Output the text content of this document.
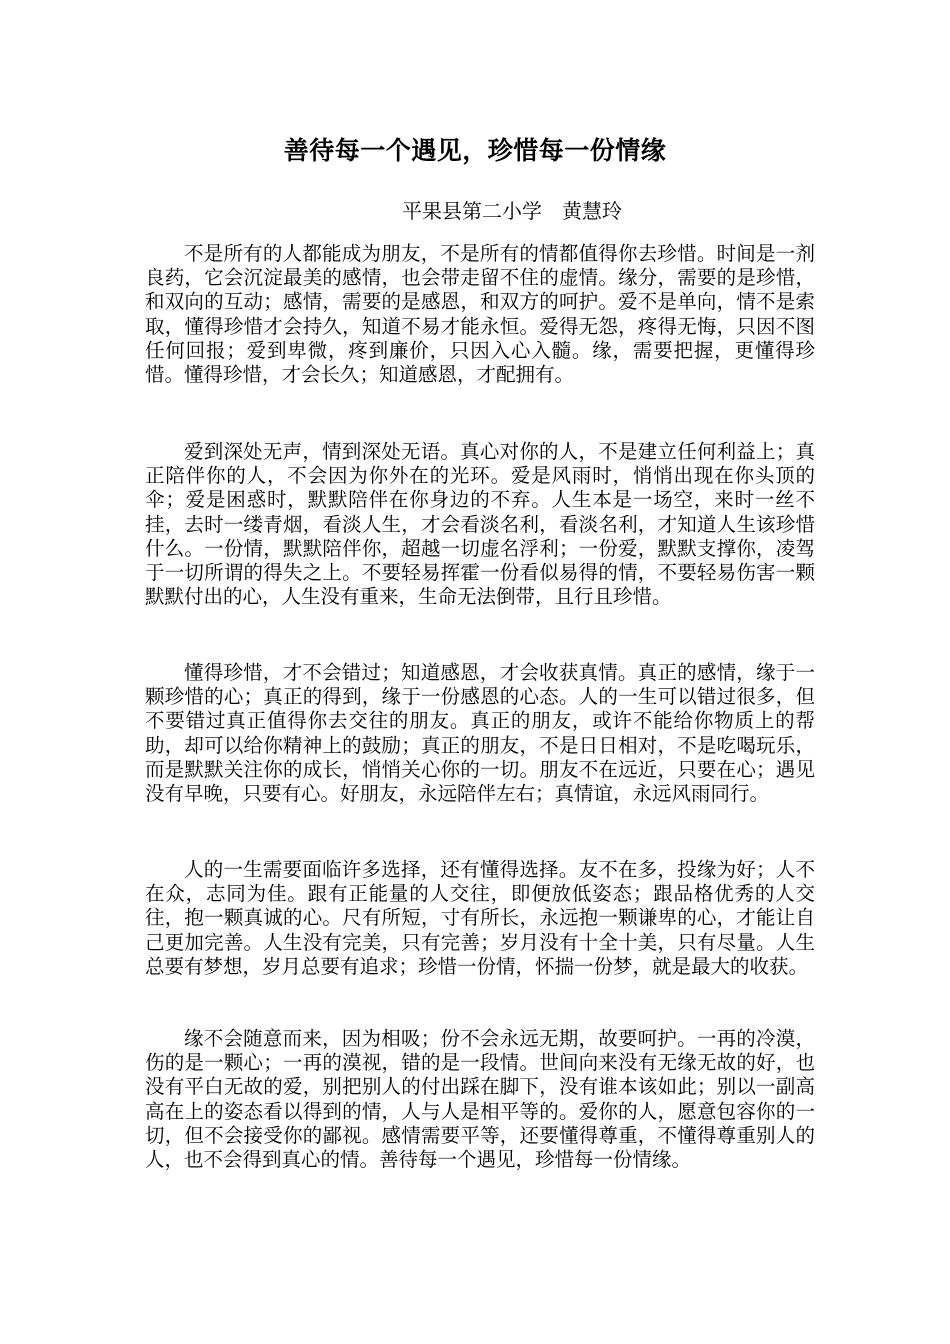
善待每一个遇见，珍惜每一份情缘
平果县第二小学　黄慧玲

不是所有的人都能成为朋友，不是所有的情都值得你去珍惜。时间是一剂良药，它会沉淀最美的感情，也会带走留不住的虚情。缘分，需要的是珍惜，和双向的互动；感情，需要的是感恩，和双方的呵护。爱不是单向，情不是索取，懂得珍惜才会持久，知道不易才能永恒。爱得无怨，疼得无悔，只因不图任何回报；爱到卑微，疼到廉价，只因入心入髓。缘，需要把握，更懂得珍惜。懂得珍惜，才会长久；知道感恩，才配拥有。

爱到深处无声，情到深处无语。真心对你的人，不是建立任何利益上；真正陪伴你的人，不会因为你外在的光环。爱是风雨时，悄悄出现在你头顶的伞；爱是困惑时，默默陪伴在你身边的不弃。人生本是一场空，来时一丝不挂，去时一缕青烟，看淡人生，才会看淡名利，看淡名利，才知道人生该珍惜什么。一份情，默默陪伴你，超越一切虚名浮利；一份爱，默默支撑你，凌驾于一切所谓的得失之上。不要轻易挥霍一份看似易得的情，不要轻易伤害一颗默默付出的心，人生没有重来，生命无法倒带，且行且珍惜。

懂得珍惜，才不会错过；知道感恩，才会收获真情。真正的感情，缘于一颗珍惜的心；真正的得到，缘于一份感恩的心态。人的一生可以错过很多，但不要错过真正值得你去交往的朋友。真正的朋友，或许不能给你物质上的帮助，却可以给你精神上的鼓励；真正的朋友，不是日日相对，不是吃喝玩乐，而是默默关注你的成长，悄悄关心你的一切。朋友不在远近，只要在心；遇见没有早晚，只要有心。好朋友，永远陪伴左右；真情谊，永远风雨同行。

人的一生需要面临许多选择，还有懂得选择。友不在多，投缘为好；人不在众，志同为佳。跟有正能量的人交往，即便放低姿态；跟品格优秀的人交往，抱一颗真诚的心。尺有所短，寸有所长，永远抱一颗谦卑的心，才能让自己更加完善。人生没有完美，只有完善；岁月没有十全十美，只有尽量。人生总要有梦想，岁月总要有追求；珍惜一份情，怀揣一份梦，就是最大的收获。

缘不会随意而来，因为相吸；份不会永远无期，故要呵护。一再的冷漠，伤的是一颗心；一再的漠视，错的是一段情。世间向来没有无缘无故的好，也没有平白无故的爱，别把别人的付出踩在脚下，没有谁本该如此；别以一副高高在上的姿态看以得到的情，人与人是相平等的。爱你的人，愿意包容你的一切，但不会接受你的鄙视。感情需要平等，还要懂得尊重，不懂得尊重别人的人，也不会得到真心的情。善待每一个遇见，珍惜每一份情缘。
